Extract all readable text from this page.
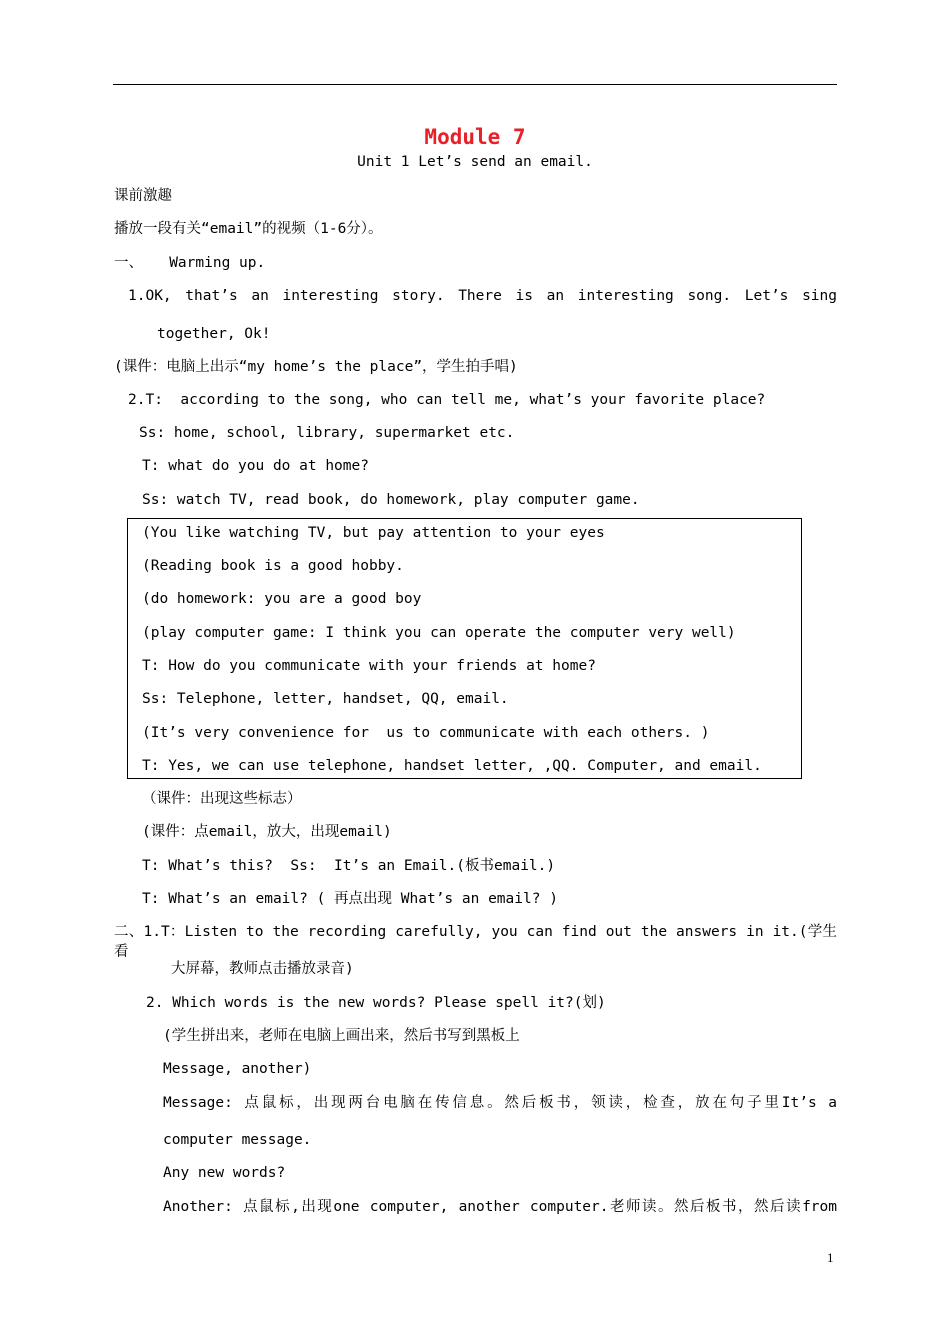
Module 7
Unit 1 Let’s send an email.
课前激趣
播放一段有关“email”的视频（1-6分）。
一、   Warming up.
1.OK, that’s an interesting story. There is an interesting song. Let’s sing
together, Ok!
(课件：电脑上出示“my home’s the place”，学生拍手唱)
2.T:  according to the song, who can tell me, what’s your favorite place?
Ss: home, school, library, supermarket etc.
T: what do you do at home?
Ss: watch TV, read book, do homework, play computer game.
(You like watching TV, but pay attention to your eyes
(Reading book is a good hobby.
(do homework: you are a good boy
(play computer game: I think you can operate the computer very well)
T: How do you communicate with your friends at home?
Ss: Telephone, letter, handset, QQ, email.
(It’s very convenience for  us to communicate with each others. )
T: Yes, we can use telephone, handset letter, ,QQ. Computer, and email.
（课件：出现这些标志）
(课件：点email，放大，出现email)
T: What’s this?  Ss:  It’s an Email.(板书email.)
T: What’s an email? ( 再点出现 What’s an email? )
二、1.T：Listen to the recording carefully, you can find out the answers in it.(学生看
大屏幕，教师点击播放录音)
2. Which words is the new words? Please spell it?(划)
(学生拼出来，老师在电脑上画出来，然后书写到黑板上
Message, another)
Message: 点鼠标，出现两台电脑在传信息。然后板书，领读，检查，放在句子里It’s a
computer message.
Any new words?
Another: 点鼠标,出现one computer, another computer.老师读。然后板书，然后读from
1
